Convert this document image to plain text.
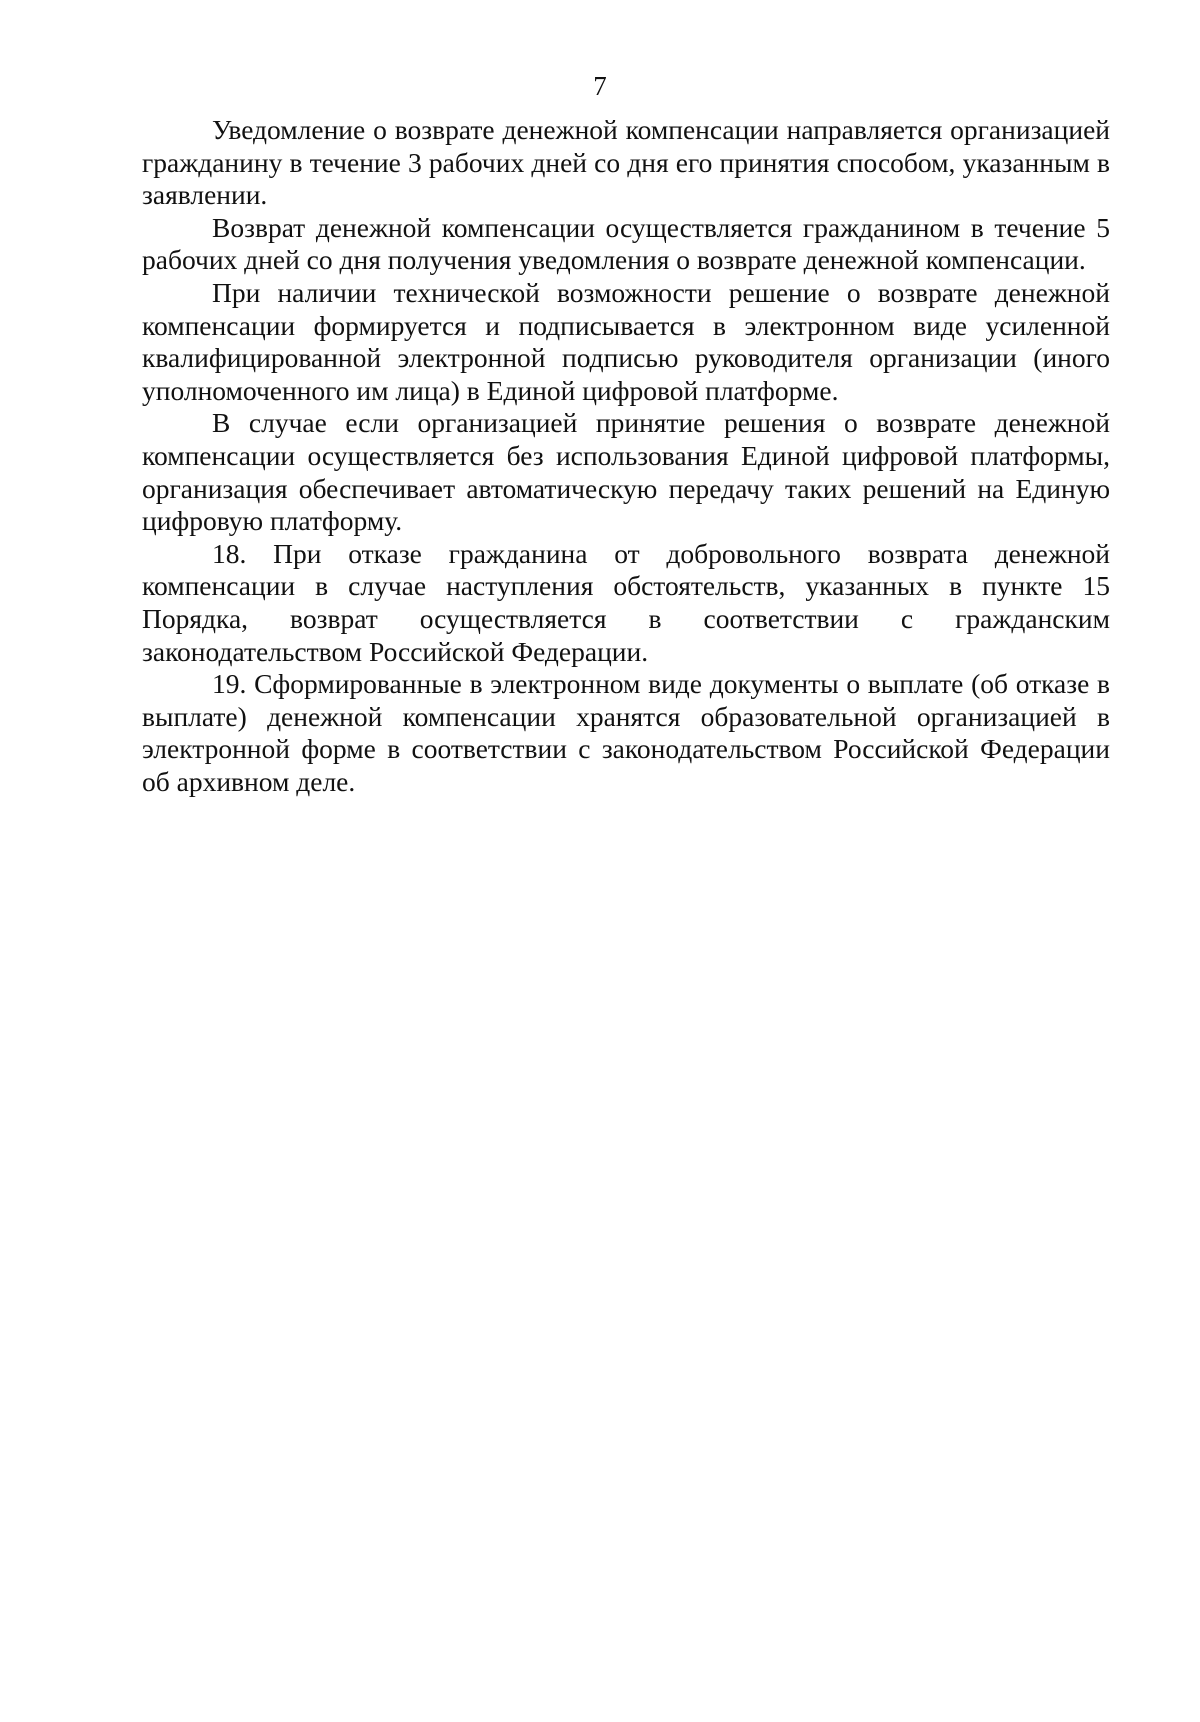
7

Уведомление о возврате денежной компенсации направляется организацией гражданину в течение 3 рабочих дней со дня его принятия способом, указанным в заявлении.

Возврат денежной компенсации осуществляется гражданином в течение 5 рабочих дней со дня получения уведомления о возврате денежной компенсации.

При наличии технической возможности решение о возврате денежной компенсации формируется и подписывается в электронном виде усиленной квалифицированной электронной подписью руководителя организации (иного уполномоченного им лица) в Единой цифровой платформе.

В случае если организацией принятие решения о возврате денежной компенсации осуществляется без использования Единой цифровой платформы, организация обеспечивает автоматическую передачу таких решений на Единую цифровую платформу.

18. При отказе гражданина от добровольного возврата денежной компенсации в случае наступления обстоятельств, указанных в пункте 15 Порядка, возврат осуществляется в соответствии с гражданским законодательством Российской Федерации.

19. Сформированные в электронном виде документы о выплате (об отказе в выплате) денежной компенсации хранятся образовательной организацией в электронной форме в соответствии с законодательством Российской Федерации об архивном деле.
